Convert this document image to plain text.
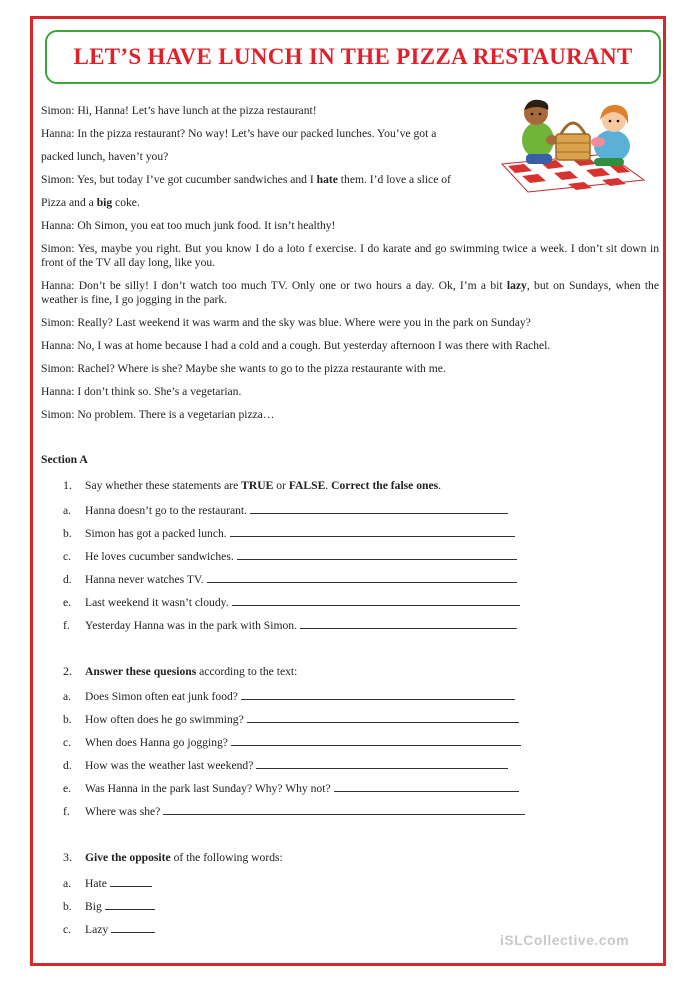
LET’S HAVE LUNCH IN THE PIZZA RESTAURANT
Simon: Hi, Hanna! Let’s have lunch at the pizza restaurant!
Hanna: In the pizza restaurant? No way! Let’s have our packed lunches. You’ve got a
packed lunch, haven’t you?
Simon: Yes, but today I’ve got cucumber sandwiches and I hate them. I’d love a slice of
Pizza and a big coke.
Hanna: Oh Simon, you eat too much junk food. It isn’t healthy!
Simon: Yes, maybe you right. But you know I do a loto f exercise. I do karate and go swimming twice a week. I don’t sit down in front of the TV all day long, like you.
Hanna: Don’t be silly! I don’t watch too much TV. Only one or two hours a day. Ok, I’m a bit lazy, but on Sundays, when the weather is fine, I go jogging in the park.
Simon: Really? Last weekend it was warm and the sky was blue. Where were you in the park on Sunday?
Hanna: No, I was at home because I had a cold and a cough. But yesterday afternoon I was there with Rachel.
Simon: Rachel? Where is she? Maybe she wants to go to the pizza restaurante with me.
Hanna: I don’t think so. She’s a vegetarian.
Simon: No problem. There is a vegetarian pizza…
Section A
1. Say whether these statements are TRUE or FALSE. Correct the false ones.
a. Hanna doesn’t go to the restaurant.
b. Simon has got a packed lunch.
c. He loves cucumber sandwiches.
d. Hanna never watches TV.
e. Last weekend it wasn’t cloudy.
f. Yesterday Hanna was in the park with Simon.
2. Answer these quesions according to the text:
a. Does Simon often eat junk food?
b. How often does he go swimming?
c. When does Hanna go jogging?
d. How was the weather last weekend?
e. Was Hanna in the park last Sunday? Why? Why not?
f. Where was she?
3. Give the opposite of the following words:
a. Hate
b. Big
c. Lazy
iSLCollective.com
